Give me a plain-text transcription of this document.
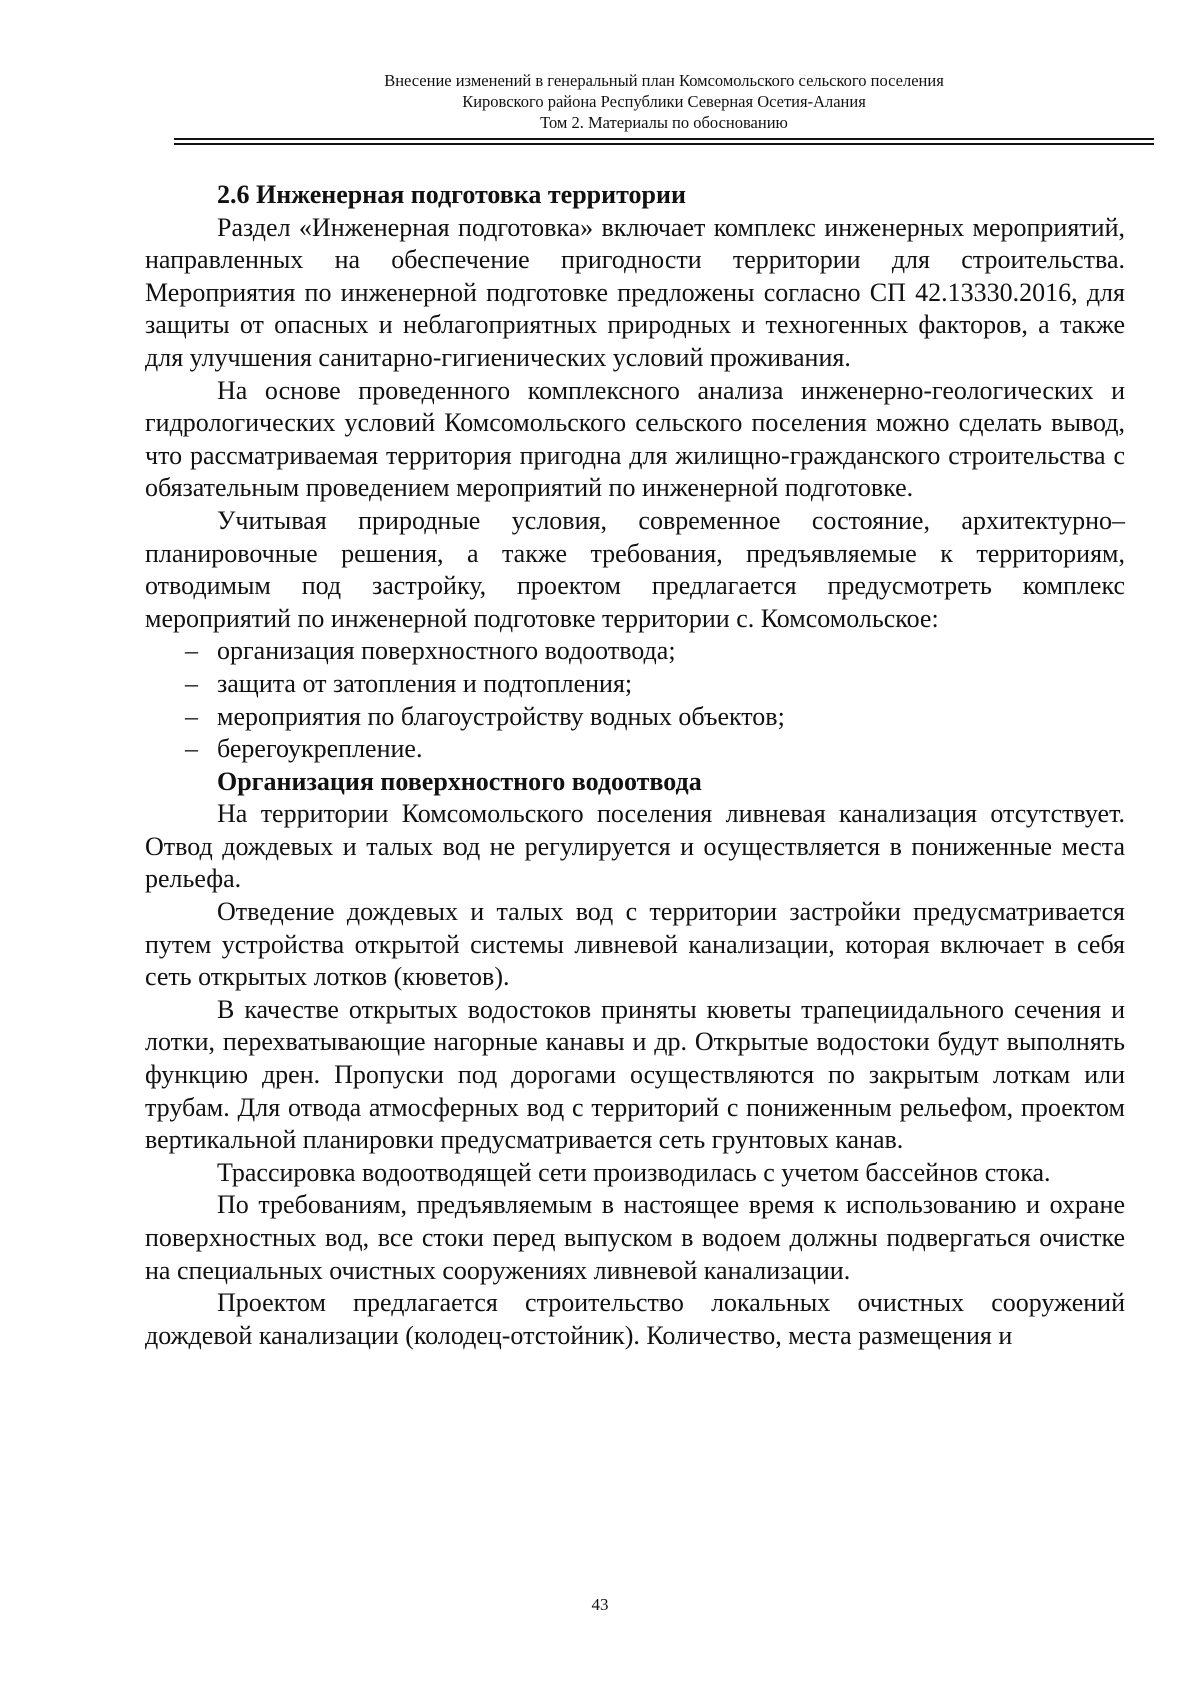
Внесение изменений в генеральный план Комсомольского сельского поселения
Кировского района Республики Северная Осетия-Алания
Том 2. Материалы по обоснованию
2.6 Инженерная подготовка территории

Раздел «Инженерная подготовка» включает комплекс инженерных мероприятий, направленных на обеспечение пригодности территории для строительства. Мероприятия по инженерной подготовке предложены согласно СП 42.13330.2016, для защиты от опасных и неблагоприятных природных и техногенных факторов, а также для улучшения санитарно-гигиенических условий проживания.

На основе проведенного комплексного анализа инженерно-геологических и гидрологических условий Комсомольского сельского поселения можно сделать вывод, что рассматриваемая территория пригодна для жилищно-гражданского строительства с обязательным проведением мероприятий по инженерной подготовке.

Учитывая природные условия, современное состояние, архитектурно–планировочные решения, а также требования, предъявляемые к территориям, отводимым под застройку, проектом предлагается предусмотреть комплекс мероприятий по инженерной подготовке территории с. Комсомольское:

– организация поверхностного водоотвода;
– защита от затопления и подтопления;
– мероприятия по благоустройству водных объектов;
– берегоукрепление.
Организация поверхностного водоотвода

На территории Комсомольского поселения ливневая канализация отсутствует. Отвод дождевых и талых вод не регулируется и осуществляется в пониженные места рельефа.

Отведение дождевых и талых вод с территории застройки предусматривается путем устройства открытой системы ливневой канализации, которая включает в себя сеть открытых лотков (кюветов).

В качестве открытых водостоков приняты кюветы трапециидального сечения и лотки, перехватывающие нагорные канавы и др. Открытые водостоки будут выполнять функцию дрен. Пропуски под дорогами осуществляются по закрытым лоткам или трубам. Для отвода атмосферных вод с территорий с пониженным рельефом, проектом вертикальной планировки предусматривается сеть грунтовых канав.

Трассировка водоотводящей сети производилась с учетом бассейнов стока.

По требованиям, предъявляемым в настоящее время к использованию и охране поверхностных вод, все стоки перед выпуском в водоем должны подвергаться очистке на специальных очистных сооружениях ливневой канализации.

Проектом предлагается строительство локальных очистных сооружений дождевой канализации (колодец-отстойник). Количество, места размещения и

43
